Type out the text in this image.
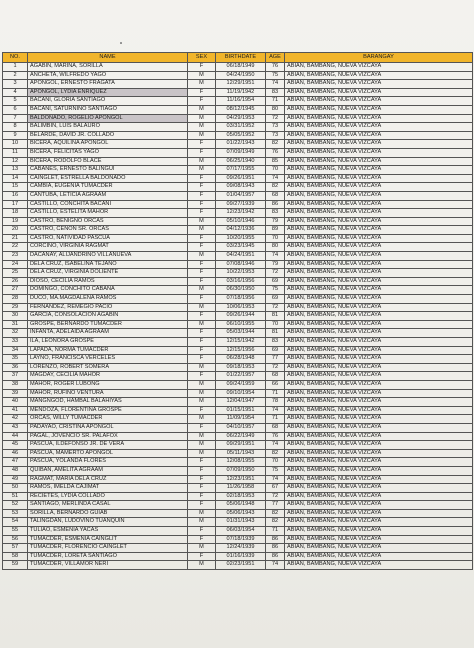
NO.	NAME	SEX	BIRTHDATE	AGE	BARANGAY
1	AGABIN, MARINA, SORILLA	F	06/18/1949	76	ABIAN, BAMBANG, NUEVA VIZCAYA
2	ANCHETA, WILFREDO YAGO	M	04/24/1950	75	ABIAN, BAMBANG, NUEVA VIZCAYA
3	APONGOL, ERNESTO FRAGATA	M	12/29/1951	74	ABIAN, BAMBANG, NUEVA VIZCAYA
4	APONGOL, LYDIA ENRIQUEZ	F	11/19/1942	83	ABIAN, BAMBANG, NUEVA VIZCAYA
5	BACANI, GLORIA SANTIAGO	F	11/16/1954	71	ABIAN, BAMBANG, NUEVA VIZCAYA
6	BACANI, SATURNINO SANTIAGO	M	08/12/1945	80	ABIAN, BAMBANG, NUEVA VIZCAYA
7	BALDONADO, ROGELIO APONGOL	M	04/29/1953	72	ABIAN, BAMBANG, NUEVA VIZCAYA
8	BALIMBIN, LUIS BALAURO	M	03/31/1952	73	ABIAN, BAMBANG, NUEVA VIZCAYA
9	BELARDE, DAVID JR. COLLADO	M	05/05/1952	73	ABIAN, BAMBANG, NUEVA VIZCAYA
10	BICERA, AQUILINA APONGOL	F	01/22/1943	82	ABIAN, BAMBANG, NUEVA VIZCAYA
11	BICERA, FELICITAS YAGO	F	07/09/1949	76	ABIAN, BAMBANG, NUEVA VIZCAYA
12	BICERA, RODOLFO BLACE	M	06/25/1940	85	ABIAN, BAMBANG, NUEVA VIZCAYA
13	CABANES, ERNESTO BALINGUI	M	07/17/1955	70	ABIAN, BAMBANG, NUEVA VIZCAYA
14	CAINGLET, ESTRELLA BALDONADO	F	09/26/1951	74	ABIAN, BAMBANG, NUEVA VIZCAYA
15	CAMBIA, EUGENIA TUMACDER	F	09/08/1943	82	ABIAN, BAMBANG, NUEVA VIZCAYA
16	CANTUBA, LETICIA AGRAAM	F	01/04/1957	68	ABIAN, BAMBANG, NUEVA VIZCAYA
17	CASTILLO, CONCHITA BACANI	F	09/27/1939	86	ABIAN, BAMBANG, NUEVA VIZCAYA
18	CASTILLO, ESTELITA MAHOR	F	12/23/1942	83	ABIAN, BAMBANG, NUEVA VIZCAYA
19	CASTRO, BENIGNO ORCAS	M	05/10/1946	79	ABIAN, BAMBANG, NUEVA VIZCAYA
20	CASTRO, CENON SR. ORCAS	M	04/12/1936	89	ABIAN, BAMBANG, NUEVA VIZCAYA
21	CASTRO, NATIVIDAD PASCUA	F	10/20/1955	70	ABIAN, BAMBANG, NUEVA VIZCAYA
22	CORCINO, VIRGINIA RAGMAT	F	03/23/1945	80	ABIAN, BAMBANG, NUEVA VIZCAYA
23	DACANAY, ALIJANDRINO VILLANUEVA	M	04/24/1951	74	ABIAN, BAMBANG, NUEVA VIZCAYA
24	DELA CRUZ, ISABELINA TEJANO	F	07/08/1946	79	ABIAN, BAMBANG, NUEVA VIZCAYA
25	DELA CRUZ, VIRGINIA DOLIENTE	F	10/22/1953	72	ABIAN, BAMBANG, NUEVA VIZCAYA
26	DIOSO, CECILIA RAMOS	F	03/16/1956	69	ABIAN, BAMBANG, NUEVA VIZCAYA
27	DOMINGO, CONCHITO CABANA	M	06/30/1950	75	ABIAN, BAMBANG, NUEVA VIZCAYA
28	DUCO, MA.MAGDALENA RAMOS	F	07/18/1956	69	ABIAN, BAMBANG, NUEVA VIZCAYA
29	FERNANDEZ, REMEGIO PACIO	M	10/06/1953	72	ABIAN, BAMBANG, NUEVA VIZCAYA
30	GARCIA, CONSOLACION AGABIN	F	09/26/1944	81	ABIAN, BAMBANG, NUEVA VIZCAYA
31	GROSPE, BERNARDO TUMACDER	M	06/10/1955	70	ABIAN, BAMBANG, NUEVA VIZCAYA
32	INFANTA, ADELAIDA AGRAAM	F	05/03/1944	81	ABIAN, BAMBANG, NUEVA VIZCAYA
33	ILA, LEONORA GROSPE	F	12/15/1942	83	ABIAN, BAMBANG, NUEVA VIZCAYA
34	LAPADA, NORMA TUMACDER	F	12/15/1956	69	ABIAN, BAMBANG, NUEVA VIZCAYA
35	LAYNO, FRANCISCA VERCELES	F	06/28/1948	77	ABIAN, BAMBANG, NUEVA VIZCAYA
36	LORENZO, ROBERT SOMERA	M	09/18/1953	72	ABIAN, BAMBANG, NUEVA VIZCAYA
37	MAGDAY, CECILIA MAHOR	F	01/22/1957	68	ABIAN, BAMBANG, NUEVA VIZCAYA
38	MAHOR, ROGER LUBONG	M	09/24/1959	66	ABIAN, BAMBANG, NUEVA VIZCAYA
39	MAHOR, RUFINO VENTURA	M	09/10/1954	71	ABIAN, BAMBANG, NUEVA VIZCAYA
40	MANGNGOD, HAMBAL BALAHIYAS	M	12/04/1947	78	ABIAN, BAMBANG, NUEVA VIZCAYA
41	MENDOZA, FLORENTINA GROSPE	F	01/15/1951	74	ABIAN, BAMBANG, NUEVA VIZCAYA
42	ORCAS, WILLY TUMACDER	M	11/09/1954	71	ABIAN, BAMBANG, NUEVA VIZCAYA
43	PADAYAO, CRISTINA APONGOL	F	04/10/1957	68	ABIAN, BAMBANG, NUEVA VIZCAYA
44	PAGAL, JOVENCIO SR. PALAFOX	M	06/22/1949	76	ABIAN, BAMBANG, NUEVA VIZCAYA
45	PASCUA, ILDEFONSO JR. DE VERA	M	09/29/1951	74	ABIAN, BAMBANG, NUEVA VIZCAYA
46	PASCUA, MAMERTO APONGOL	M	05/11/1943	82	ABIAN, BAMBANG, NUEVA VIZCAYA
47	PASCUA, YOLANDA FLORES	F	12/08/1955	70	ABIAN, BAMBANG, NUEVA VIZCAYA
48	QUIBAN, AMELITA AGRAAM	F	07/09/1950	75	ABIAN, BAMBANG, NUEVA VIZCAYA
49	RAGMAT, MARIA DELA CRUZ	F	12/23/1951	74	ABIAN, BAMBANG, NUEVA VIZCAYA
50	RAMOS, IMELDA CAJIMAT	F	11/26/1958	67	ABIAN, BAMBANG, NUEVA VIZCAYA
51	RECIETES, LYDIA COLLADO	F	02/18/1953	72	ABIAN, BAMBANG, NUEVA VIZCAYA
52	SANTIAGO, MERLINDA CASAL	F	05/06/1948	77	ABIAN, BAMBANG, NUEVA VIZCAYA
53	SORILLA, BERNARDO GUIAB	M	05/06/1943	82	ABIAN, BAMBANG, NUEVA VIZCAYA
54	TALINGDAN, LUDOVINO TUANQUIN	M	01/31/1943	82	ABIAN, BAMBANG, NUEVA VIZCAYA
55	TULIAO, ESMENIA YACAS	F	06/03/1954	71	ABIAN, BAMBANG, NUEVA VIZCAYA
56	TUMACDER, ESMENIA CAINGLIT	F	07/18/1939	86	ABIAN, BAMBANG, NUEVA VIZCAYA
57	TUMACDER, FLORENCIO CAINGLET	M	12/24/1939	86	ABIAN, BAMBANG, NUEVA VIZCAYA
58	TUMACDER, LORETA SANTIAGO	F	01/16/1939	86	ABIAN, BAMBANG, NUEVA VIZCAYA
59	TUMACDER, VILLAMOR NERI	M	02/23/1951	74	ABIAN, BAMBANG, NUEVA VIZCAYA
